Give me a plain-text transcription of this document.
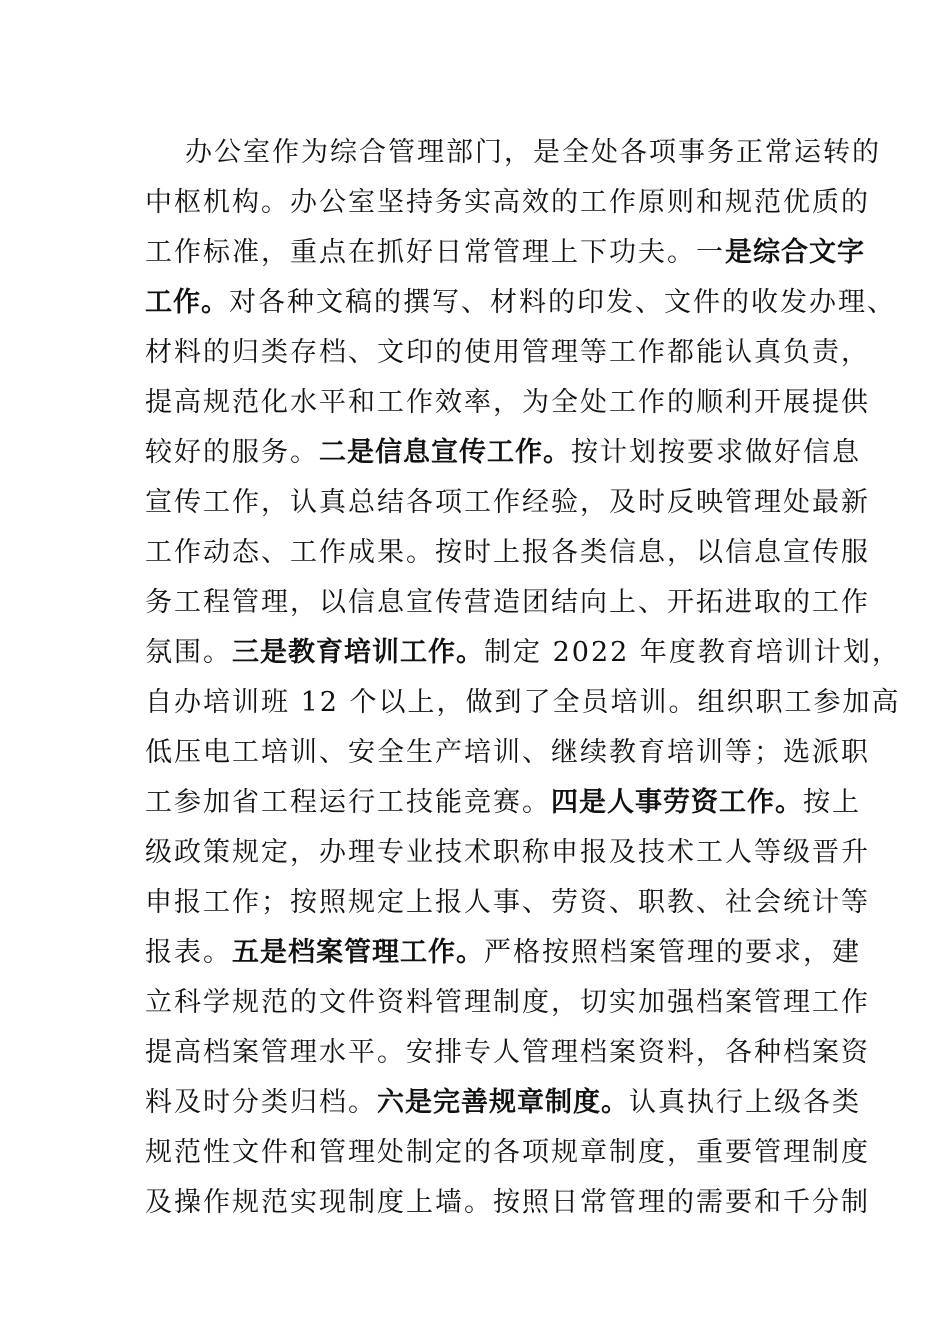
办公室作为综合管理部门，是全处各项事务正常运转的
中枢机构。办公室坚持务实高效的工作原则和规范优质的
工作标准，重点在抓好日常管理上下功夫。一是综合文字
工作。对各种文稿的撰写、材料的印发、文件的收发办理、
材料的归类存档、文印的使用管理等工作都能认真负责，
提高规范化水平和工作效率，为全处工作的顺利开展提供
较好的服务。二是信息宣传工作。按计划按要求做好信息
宣传工作，认真总结各项工作经验，及时反映管理处最新
工作动态、工作成果。按时上报各类信息，以信息宣传服
务工程管理，以信息宣传营造团结向上、开拓进取的工作
氛围。三是教育培训工作。制定 2022 年度教育培训计划，
自办培训班 12 个以上，做到了全员培训。组织职工参加高
低压电工培训、安全生产培训、继续教育培训等；选派职
工参加省工程运行工技能竞赛。四是人事劳资工作。按上
级政策规定，办理专业技术职称申报及技术工人等级晋升
申报工作；按照规定上报人事、劳资、职教、社会统计等
报表。五是档案管理工作。严格按照档案管理的要求，建
立科学规范的文件资料管理制度，切实加强档案管理工作
提高档案管理水平。安排专人管理档案资料，各种档案资
料及时分类归档。六是完善规章制度。认真执行上级各类
规范性文件和管理处制定的各项规章制度，重要管理制度
及操作规范实现制度上墙。按照日常管理的需要和千分制
